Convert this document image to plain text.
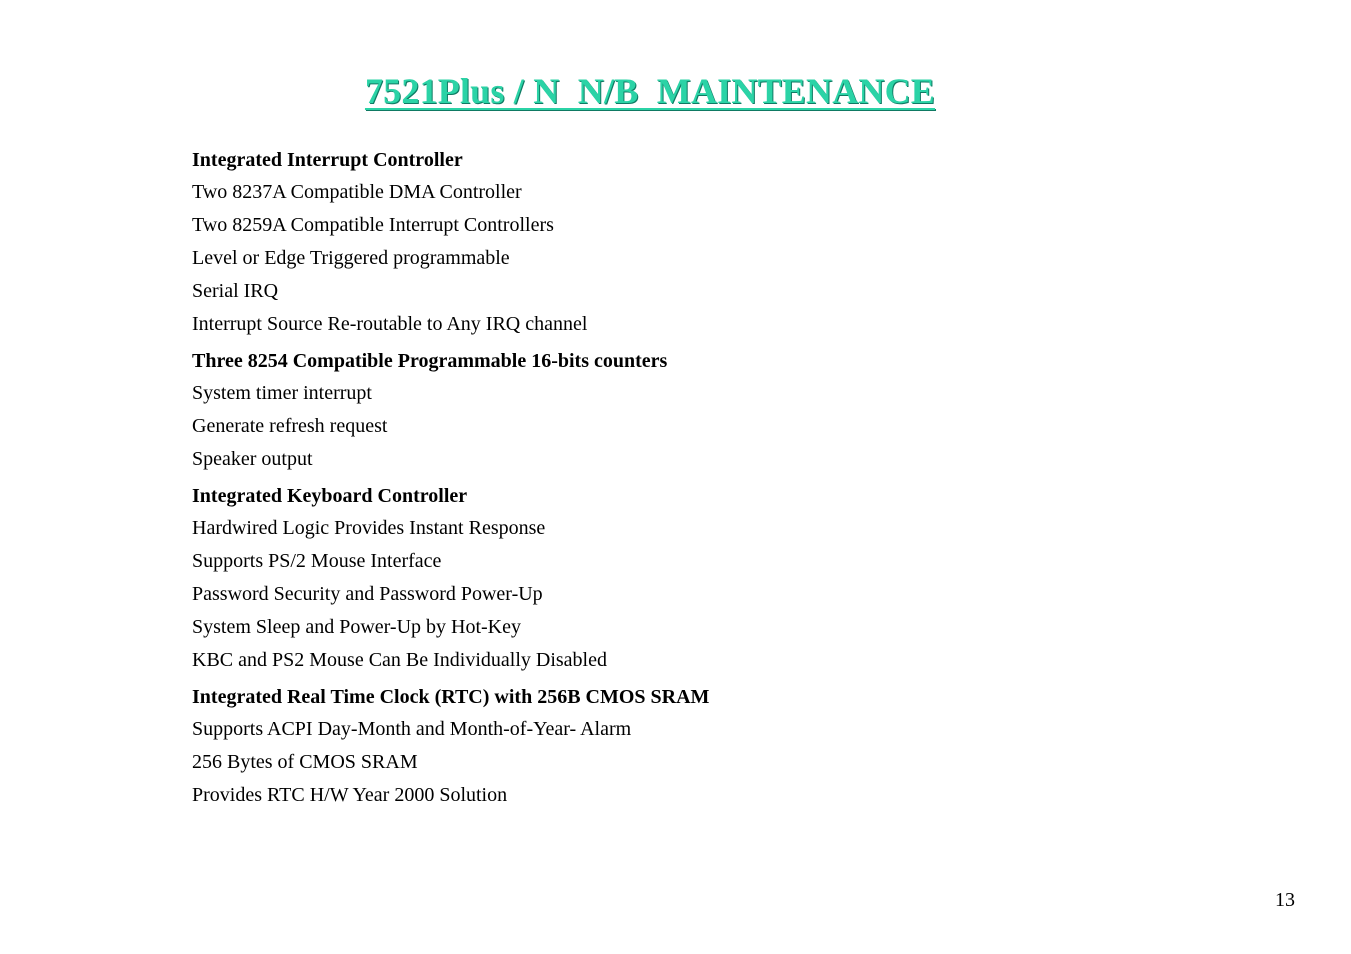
7521Plus / N  N/B  MAINTENANCE
Integrated Interrupt Controller
Two 8237A Compatible DMA Controller
Two 8259A Compatible Interrupt Controllers
Level or Edge Triggered programmable
Serial IRQ
Interrupt Source Re-routable to Any IRQ channel
Three 8254 Compatible Programmable 16-bits counters
System timer interrupt
Generate refresh request
Speaker output
Integrated Keyboard Controller
Hardwired Logic Provides Instant Response
Supports PS/2 Mouse Interface
Password Security and Password Power-Up
System Sleep and Power-Up by Hot-Key
KBC and PS2 Mouse Can Be Individually Disabled
Integrated Real Time Clock (RTC) with 256B CMOS SRAM
Supports ACPI Day-Month and Month-of-Year- Alarm
256 Bytes of CMOS SRAM
Provides RTC H/W Year 2000 Solution
13
